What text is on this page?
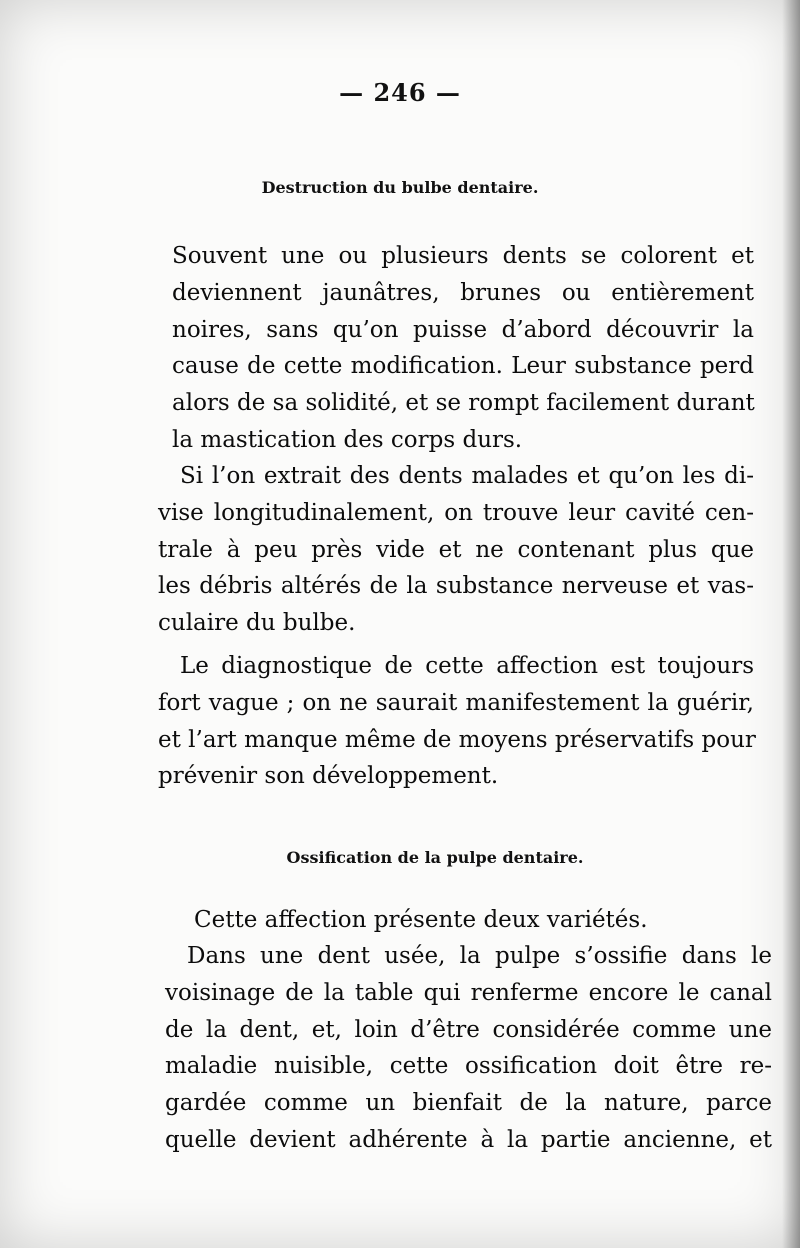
— 246 —
Destruction du bulbe dentaire.
Souvent une ou plusieurs dents se colorent et
deviennent jaunâtres, brunes ou entièrement
noires, sans qu’on puisse d’abord découvrir la
cause de cette modification. Leur substance perd
alors de sa solidité, et se rompt facilement durant
la mastication des corps durs.
Si l’on extrait des dents malades et qu’on les di-
vise longitudinalement, on trouve leur cavité cen-
trale à peu près vide et ne contenant plus que
les débris altérés de la substance nerveuse et vas-
culaire du bulbe.
Le diagnostique de cette affection est toujours
fort vague ; on ne saurait manifestement la guérir,
et l’art manque même de moyens préservatifs pour
prévenir son développement.
Ossification de la pulpe dentaire.
Cette affection présente deux variétés.
Dans une dent usée, la pulpe s’ossifie dans le
voisinage de la table qui renferme encore le canal
de la dent, et, loin d’être considérée comme une
maladie nuisible, cette ossification doit être re-
gardée comme un bienfait de la nature, parce
quelle devient adhérente à la partie ancienne, et
